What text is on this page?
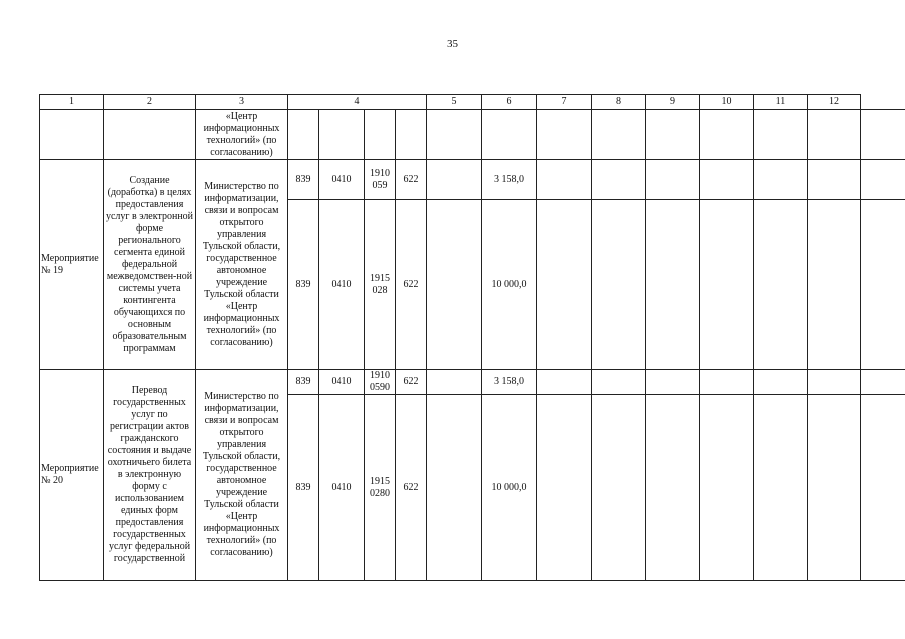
35
1	2	3	4				5	6	7	8	9	10	11	12
		«Центр информационных технологий» (по согласованию)													
Мероприятие № 19	Создание (доработка) в целях предоставления услуг в электронной форме регионального сегмента единой федеральной межведомствен-ной системы учета контингента обучающихся по основным образовательным программам	Министерство по информатизации, связи и вопросам открытого управления Тульской области, государственное автономное учреждение Тульской области «Центр информационных технологий» (по согласованию)	839	0410	1910 059	622		3 158,0							
			839	0410	1915 028	622		10 000,0							
Мероприятие № 20	Перевод государственных услуг по регистрации актов гражданского состояния и выдаче охотничьего билета в электронную форму с использованием единых форм предоставления государственных услуг федеральной государственной	Министерство по информатизации, связи и вопросам открытого управления Тульской области, государственное автономное учреждение Тульской области «Центр информационных технологий» (по согласованию)	839	0410	1910 0590	622		3 158,0							
			839	0410	1915 0280	622		10 000,0							
